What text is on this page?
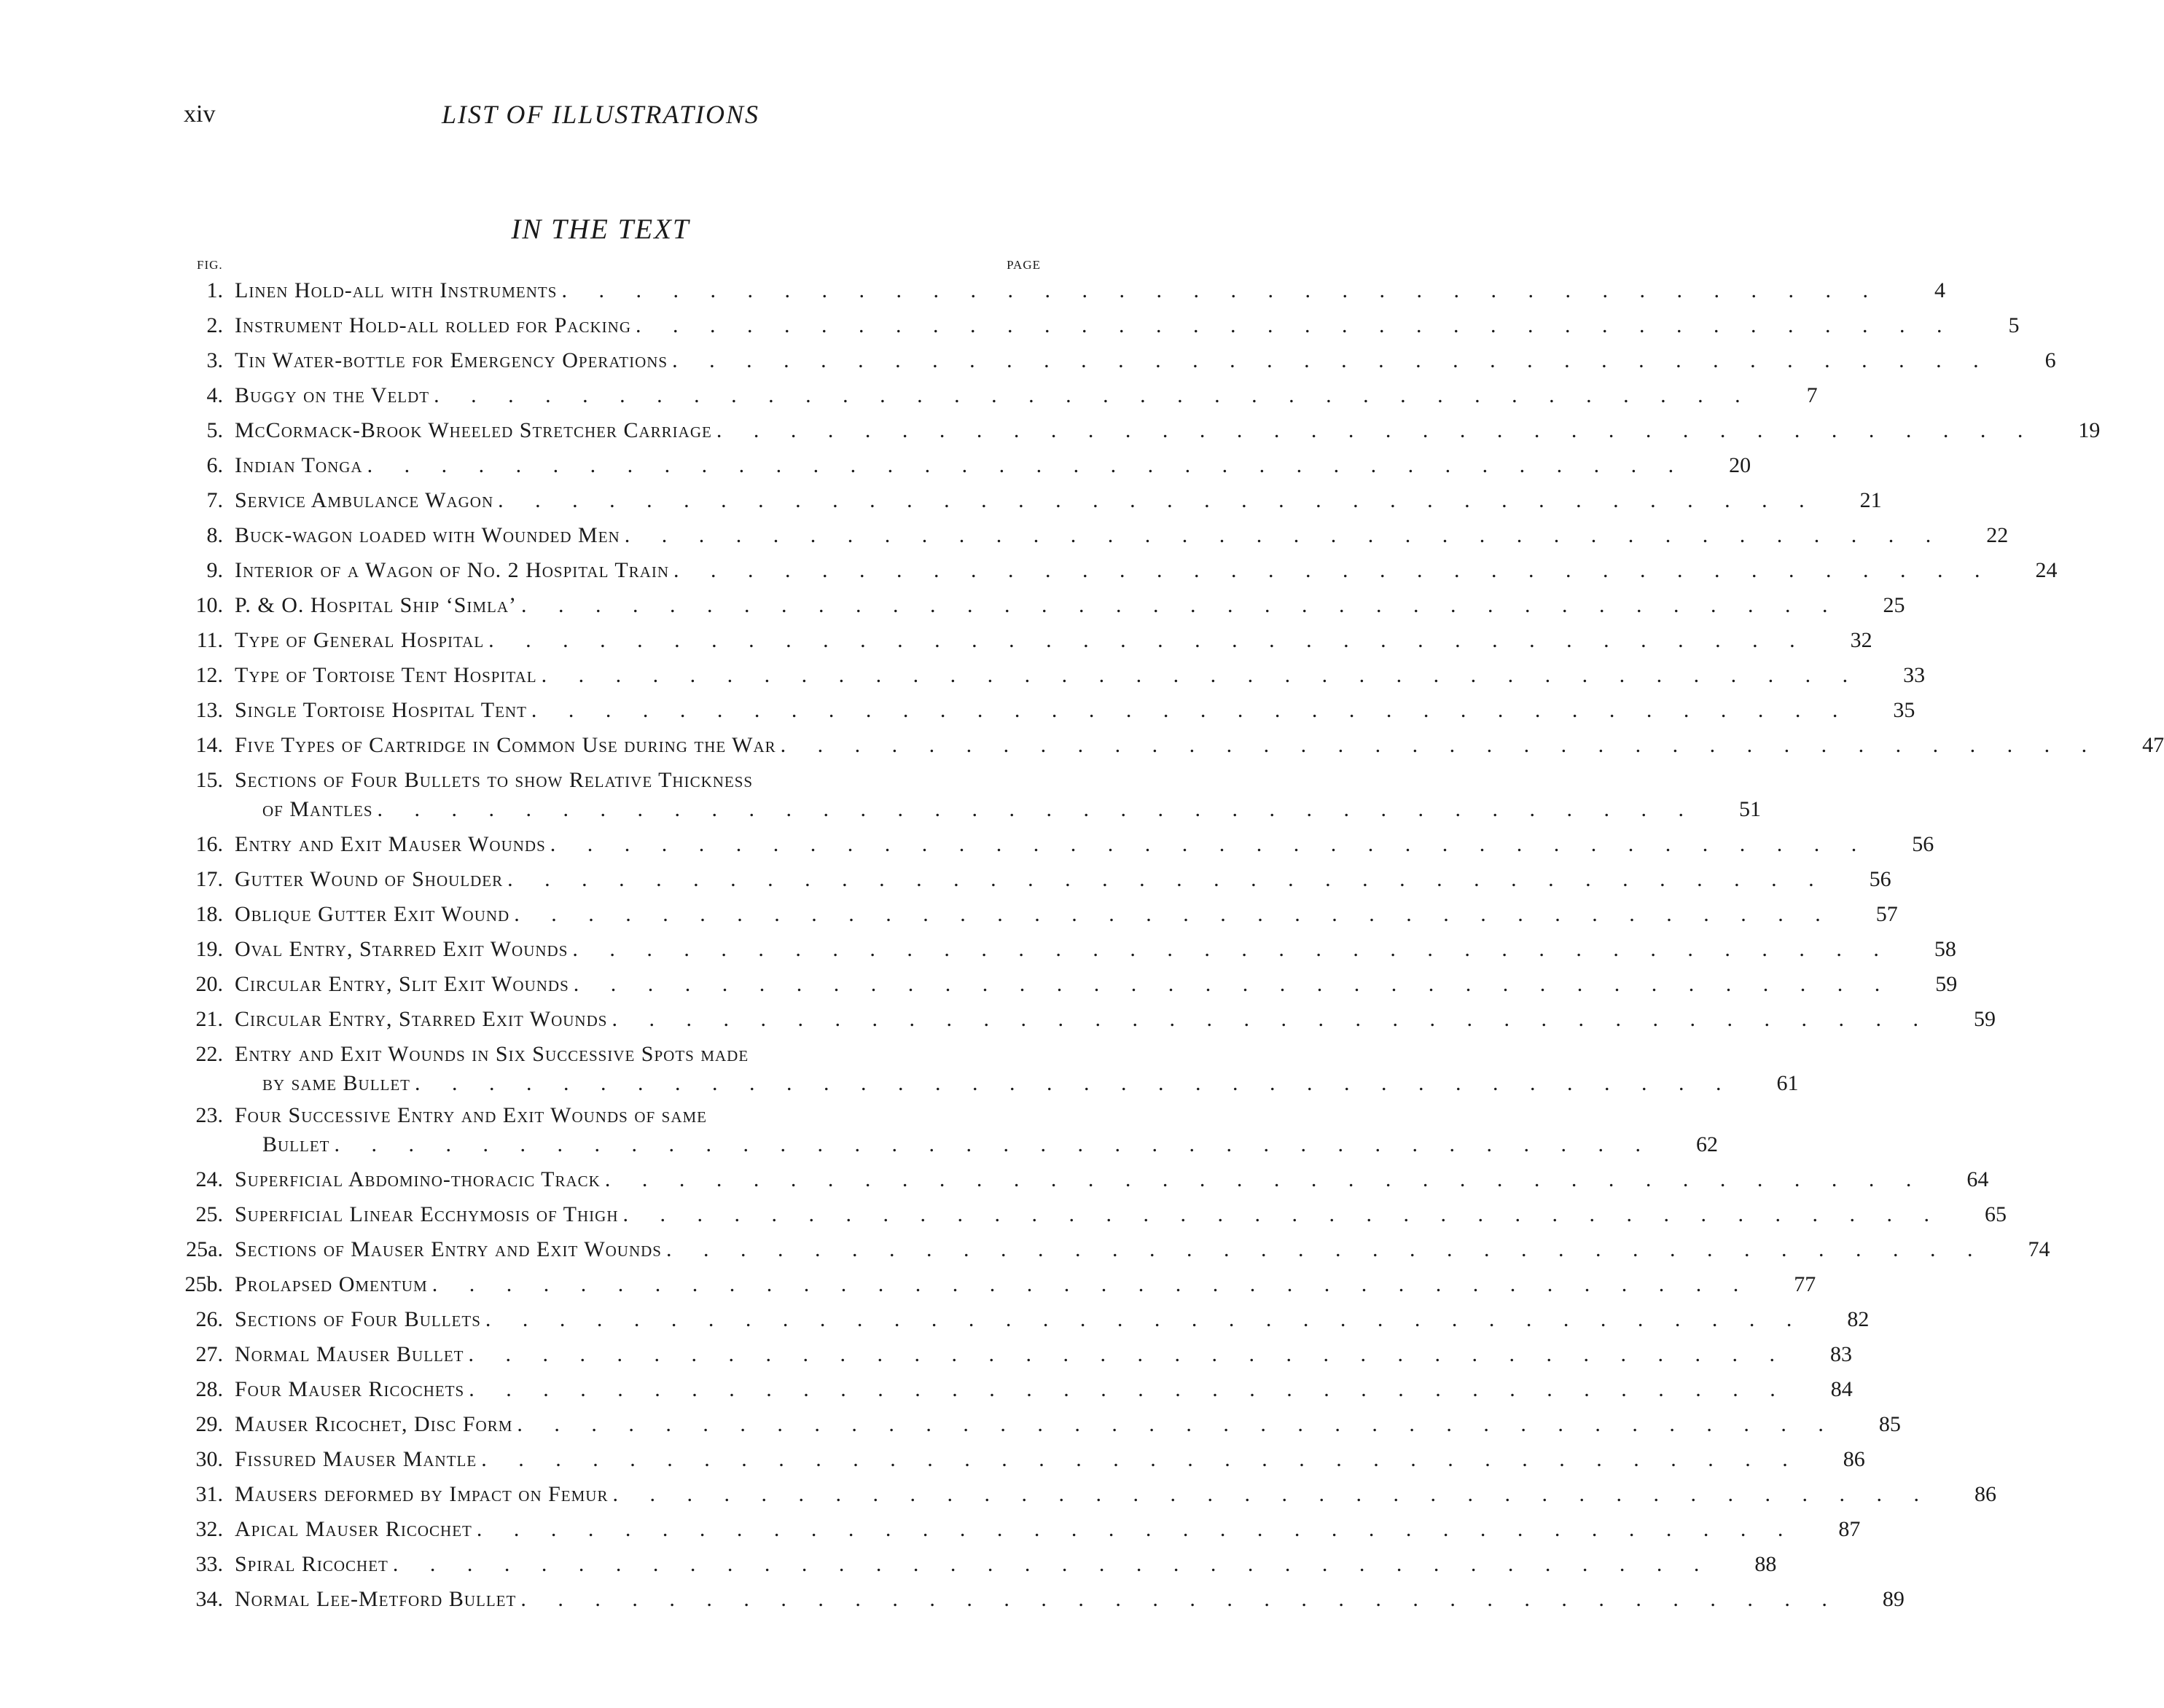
xiv	LIST OF ILLUSTRATIONS
IN THE TEXT
FIG.	PAGE
1. Linen Hold-all with Instruments . . . . . . . . . . . . . . . . . . . . . . . . . . . . . . . . . . . .	4
2. Instrument Hold-all rolled for Packing . . . . . . . . . . . . . . . . . . . . . . . . . . . . . . . . . . . .	5
3. Tin Water-bottle for Emergency Operations . . . . . . . . . . . . . . . . . . . . . . . . . . . . . . . . . . . .	6
4. Buggy on the Veldt . . . . . . . . . . . . . . . . . . . . . . . . . . . . . . . . . . . .	7
5. McCormack-Brook Wheeled Stretcher Carriage . . . . . . . . . . . . . . . . . . . . . . . . . . . . . . . . . . . .	19
6. Indian Tonga . . . . . . . . . . . . . . . . . . . . . . . . . . . . . . . . . . . .	20
7. Service Ambulance Wagon . . . . . . . . . . . . . . . . . . . . . . . . . . . . . . . . . . . .	21
8. Buck-wagon loaded with Wounded Men . . . . . . . . . . . . . . . . . . . . . . . . . . . . . . . . . . . .	22
9. Interior of a Wagon of No. 2 Hospital Train . . . . . . . . . . . . . . . . . . . . . . . . . . . . . . . . . . . .	24
10. P. & O. Hospital Ship ‘Simla’ . . . . . . . . . . . . . . . . . . . . . . . . . . . . . . . . . . . .	25
11. Type of General Hospital . . . . . . . . . . . . . . . . . . . . . . . . . . . . . . . . . . . .	32
12. Type of Tortoise Tent Hospital . . . . . . . . . . . . . . . . . . . . . . . . . . . . . . . . . . . .	33
13. Single Tortoise Hospital Tent . . . . . . . . . . . . . . . . . . . . . . . . . . . . . . . . . . . .	35
14. Five Types of Cartridge in Common Use during the War . . . . . . . . . . . . . . . . . . . . . . . . . . . . . . . . . . . .	47
15. Sections of Four Bullets to show Relative Thickness
of Mantles . . . . . . . . . . . . . . . . . . . . . . . . . . . . . . . . . . . .	51
16. Entry and Exit Mauser Wounds . . . . . . . . . . . . . . . . . . . . . . . . . . . . . . . . . . . .	56
17. Gutter Wound of Shoulder . . . . . . . . . . . . . . . . . . . . . . . . . . . . . . . . . . . .	56
18. Oblique Gutter Exit Wound . . . . . . . . . . . . . . . . . . . . . . . . . . . . . . . . . . . .	57
19. Oval Entry, Starred Exit Wounds . . . . . . . . . . . . . . . . . . . . . . . . . . . . . . . . . . . .	58
20. Circular Entry, Slit Exit Wounds . . . . . . . . . . . . . . . . . . . . . . . . . . . . . . . . . . . .	59
21. Circular Entry, Starred Exit Wounds . . . . . . . . . . . . . . . . . . . . . . . . . . . . . . . . . . . .	59
22. Entry and Exit Wounds in Six Successive Spots made
by same Bullet . . . . . . . . . . . . . . . . . . . . . . . . . . . . . . . . . . . .	61
23. Four Successive Entry and Exit Wounds of same
Bullet . . . . . . . . . . . . . . . . . . . . . . . . . . . . . . . . . . . .	62
24. Superficial Abdomino-thoracic Track . . . . . . . . . . . . . . . . . . . . . . . . . . . . . . . . . . . .	64
25. Superficial Linear Ecchymosis of Thigh . . . . . . . . . . . . . . . . . . . . . . . . . . . . . . . . . . . .	65
25a. Sections of Mauser Entry and Exit Wounds . . . . . . . . . . . . . . . . . . . . . . . . . . . . . . . . . . . .	74
25b. Prolapsed Omentum . . . . . . . . . . . . . . . . . . . . . . . . . . . . . . . . . . . .	77
26. Sections of Four Bullets . . . . . . . . . . . . . . . . . . . . . . . . . . . . . . . . . . . .	82
27. Normal Mauser Bullet . . . . . . . . . . . . . . . . . . . . . . . . . . . . . . . . . . . .	83
28. Four Mauser Ricochets . . . . . . . . . . . . . . . . . . . . . . . . . . . . . . . . . . . .	84
29. Mauser Ricochet, Disc Form . . . . . . . . . . . . . . . . . . . . . . . . . . . . . . . . . . . .	85
30. Fissured Mauser Mantle . . . . . . . . . . . . . . . . . . . . . . . . . . . . . . . . . . . .	86
31. Mausers deformed by Impact on Femur . . . . . . . . . . . . . . . . . . . . . . . . . . . . . . . . . . . .	86
32. Apical Mauser Ricochet . . . . . . . . . . . . . . . . . . . . . . . . . . . . . . . . . . . .	87
33. Spiral Ricochet . . . . . . . . . . . . . . . . . . . . . . . . . . . . . . . . . . . .	88
34. Normal Lee-Metford Bullet . . . . . . . . . . . . . . . . . . . . . . . . . . . . . . . . . . . .	89
